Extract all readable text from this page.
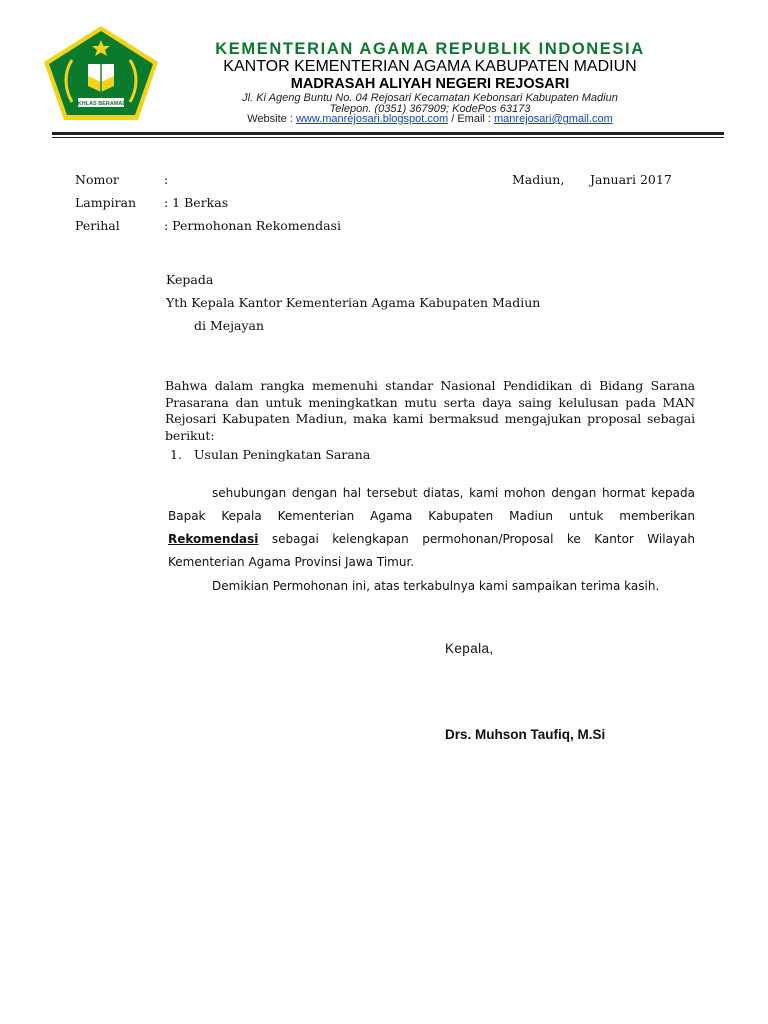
IKHLAS BERAMAL
KEMENTERIAN AGAMA REPUBLIK INDONESIA
KANTOR KEMENTERIAN AGAMA KABUPATEN MADIUN
MADRASAH ALIYAH NEGERI REJOSARI
Jl. Ki Ageng Buntu No. 04 Rejosari Kecamatan Kebonsari Kabupaten Madiun
Telepon. (0351) 367909; KodePos 63173
Website : www.manrejosari.blogspot.com / Email : manrejosari@gmail.com
Nomor	:	Madiun, Januari 2017
Lampiran : 1 Berkas
Perihal	: Permohonan Rekomendasi
Kepada
Yth Kepala Kantor Kementerian Agama Kabupaten Madiun
di Mejayan
Bahwa dalam rangka memenuhi standar Nasional Pendidikan di Bidang Sarana Prasarana dan untuk meningkatkan mutu serta daya saing kelulusan pada MAN Rejosari Kabupaten Madiun, maka kami bermaksud mengajukan proposal sebagai berikut:
1. Usulan Peningkatan Sarana
sehubungan dengan hal tersebut diatas, kami mohon dengan hormat kepada Bapak Kepala Kementerian Agama Kabupaten Madiun untuk memberikan Rekomendasi sebagai kelengkapan permohonan/Proposal ke Kantor Wilayah Kementerian Agama Provinsi Jawa Timur.
Demikian Permohonan ini, atas terkabulnya kami sampaikan terima kasih.
Kepala,
Drs. Muhson Taufiq, M.Si
